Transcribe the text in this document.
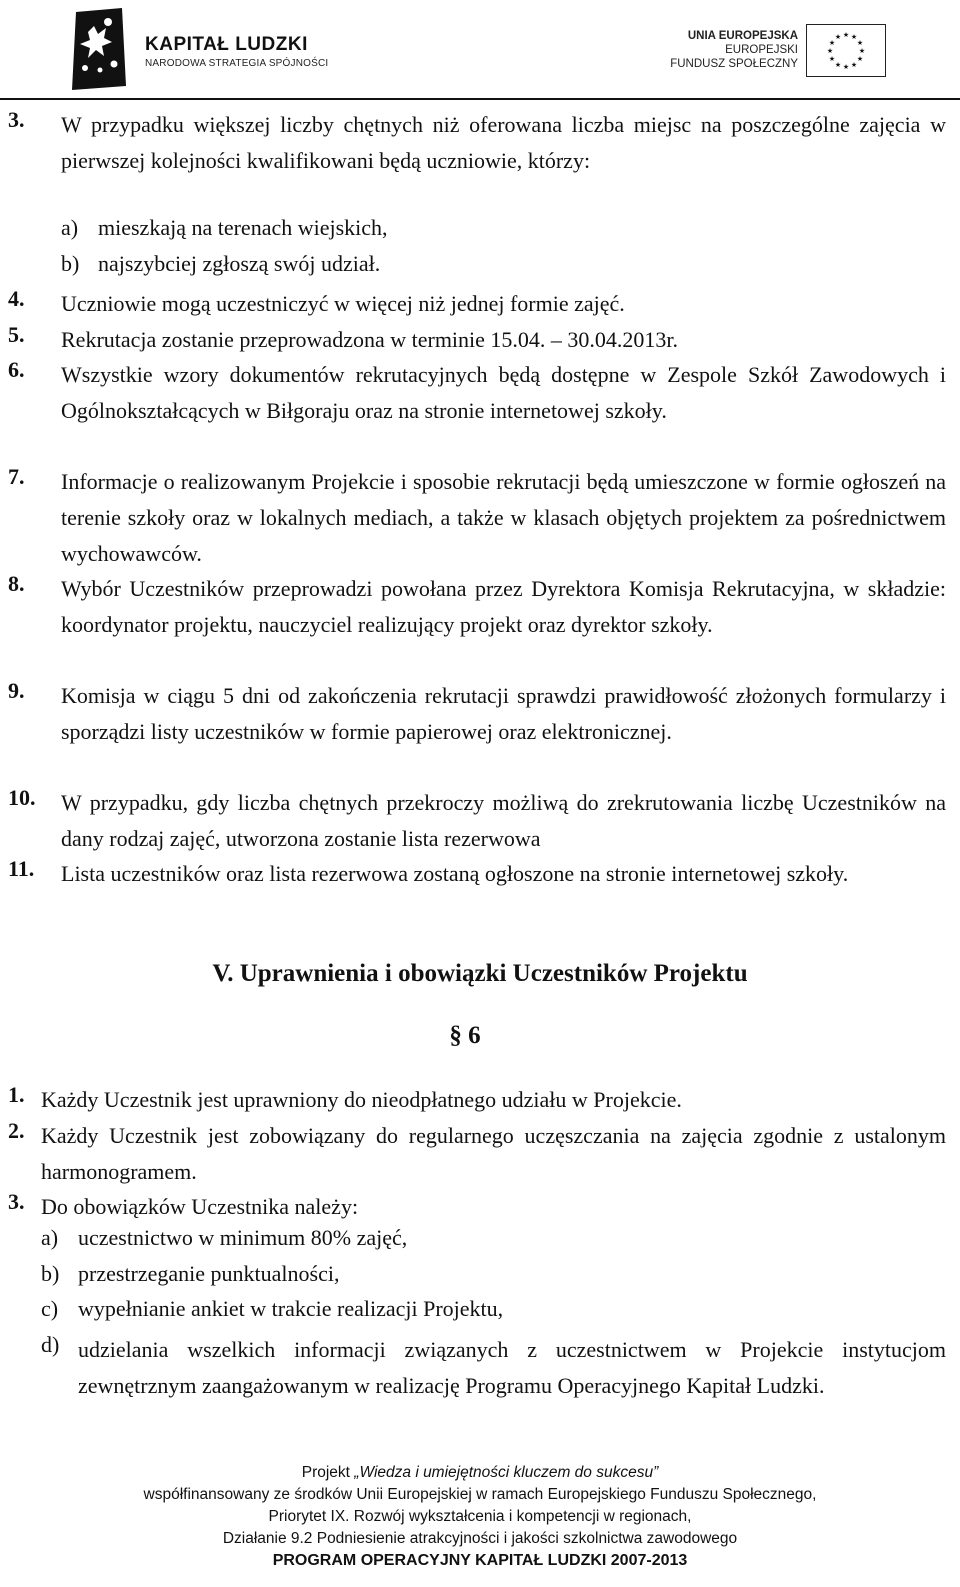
KAPITAŁ LUDZKI
NARODOWA STRATEGIA SPÓJNOŚCI
UNIA EUROPEJSKA
EUROPEJSKI
FUNDUSZ SPOŁECZNY
★ ★
★
★
★
★
★
★
★
★
★
★
3. W przypadku większej liczby chętnych niż oferowana liczba miejsc na poszczególne zajęcia w pierwszej kolejności kwalifikowani będą uczniowie, którzy:
a) mieszkają na terenach wiejskich,
b) najszybciej zgłoszą swój udział.
4. Uczniowie mogą uczestniczyć w więcej niż jednej formie zajęć.
5. Rekrutacja zostanie przeprowadzona w terminie 15.04. – 30.04.2013r.
6. Wszystkie wzory dokumentów rekrutacyjnych będą dostępne w Zespole Szkół Zawodowych i Ogólnokształcących w Biłgoraju oraz na stronie internetowej szkoły.
7. Informacje o realizowanym Projekcie i sposobie rekrutacji będą umieszczone w formie ogłoszeń na terenie szkoły oraz w lokalnych mediach, a także w klasach objętych projektem za pośrednictwem wychowawców.
8. Wybór Uczestników przeprowadzi powołana przez Dyrektora Komisja Rekrutacyjna, w składzie: koordynator projektu, nauczyciel realizujący projekt oraz dyrektor szkoły.
9. Komisja w ciągu 5 dni od zakończenia rekrutacji sprawdzi prawidłowość złożonych formularzy i sporządzi listy uczestników w formie papierowej oraz elektronicznej.
10. W przypadku, gdy liczba chętnych przekroczy możliwą do zrekrutowania liczbę Uczestników na dany rodzaj zajęć, utworzona zostanie lista rezerwowa
11. Lista uczestników oraz lista rezerwowa zostaną ogłoszone na stronie internetowej szkoły.
V. Uprawnienia i obowiązki Uczestników Projektu
§ 6
1. Każdy Uczestnik jest uprawniony do nieodpłatnego udziału w Projekcie.
2. Każdy Uczestnik jest zobowiązany do regularnego uczęszczania na zajęcia zgodnie z ustalonym harmonogramem.
3. Do obowiązków Uczestnika należy:
a) uczestnictwo w minimum 80% zajęć,
b) przestrzeganie punktualności,
c) wypełnianie ankiet w trakcie realizacji Projektu,
d) udzielania wszelkich informacji związanych z uczestnictwem w Projekcie instytucjom zewnętrznym zaangażowanym w realizację Programu Operacyjnego Kapitał Ludzki.
Projekt „Wiedza i umiejętności kluczem do sukcesu”
współfinansowany ze środków Unii Europejskiej w ramach Europejskiego Funduszu Społecznego,
Priorytet IX. Rozwój wykształcenia i kompetencji w regionach,
Działanie 9.2 Podniesienie atrakcyjności i jakości szkolnictwa zawodowego
PROGRAM OPERACYJNY KAPITAŁ LUDZKI 2007-2013
